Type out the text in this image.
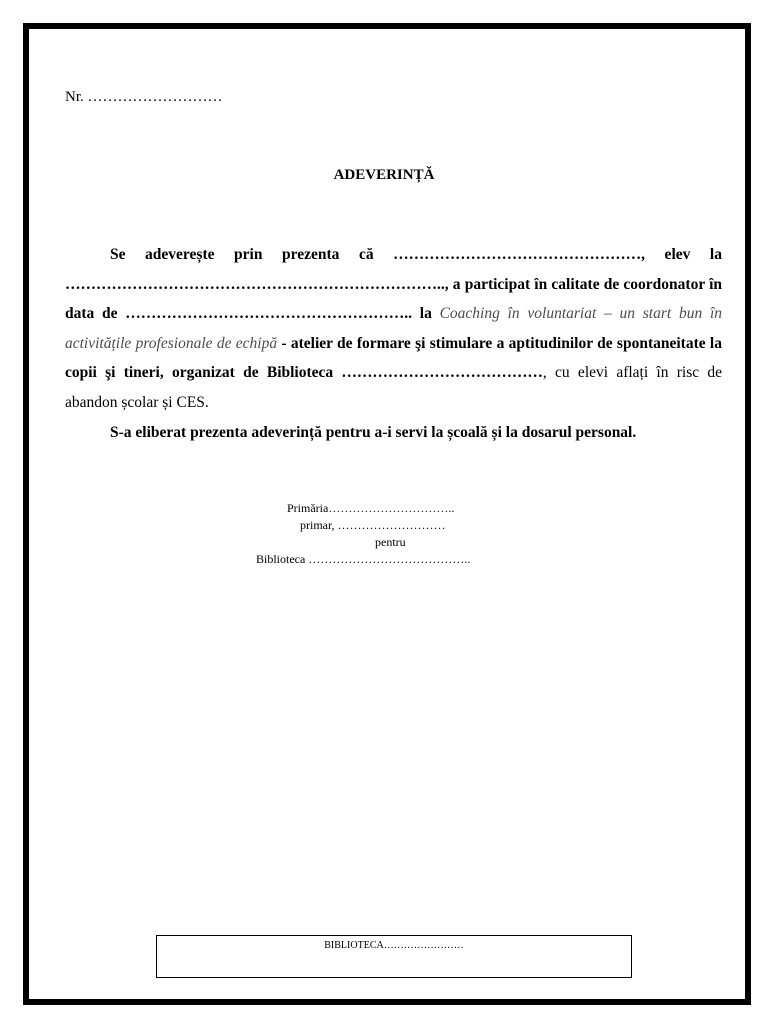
Nr. ………………………
ADEVERINȚĂ

Se adeverește prin prezenta că …………………………………………, elev la ……………………………………………………………….., a participat în calitate de coordonator în data de ……………………………………………….. la Coaching în voluntariat – un start bun în activitățile profesionale de echipă - atelier de formare şi stimulare a aptitudinilor de spontaneitate la copii şi tineri, organizat de Biblioteca …………………………………, cu elevi aflați în risc de abandon școlar și CES.

S-a eliberat prezenta adeverință pentru a-i servi la școală și la dosarul personal.

Primăria…………………………..
primar, ………………………
pentru
Biblioteca …………………………………..
BIBLIOTECA……………………
